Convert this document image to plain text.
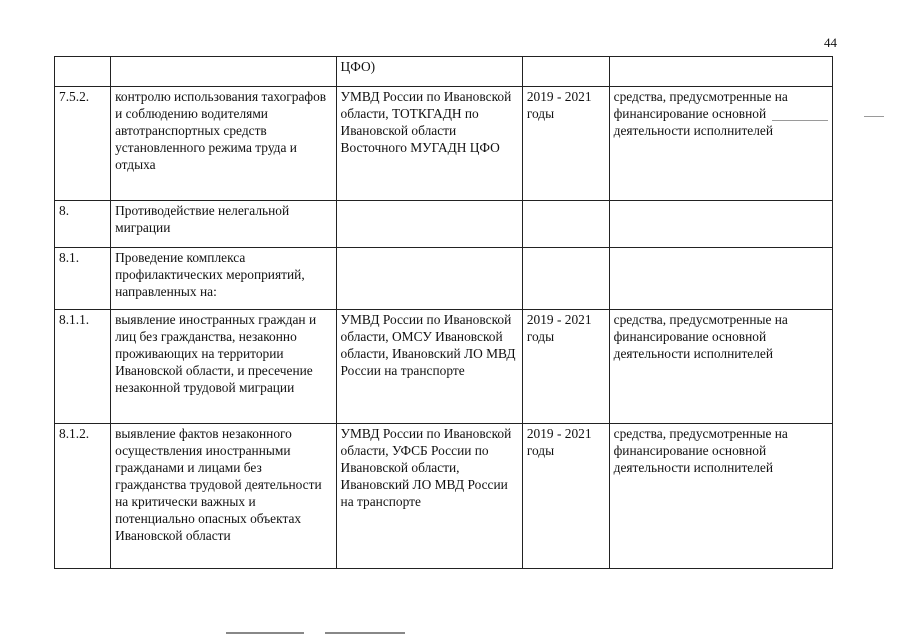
44
		ЦФО)		
7.5.2.	контролю использования тахографов и соблюдению водителями автотранспортных средств установленного режима труда и отдыха	УМВД России по Ивановской области, ТОТКГАДН по Ивановской области Восточного МУГАДН ЦФО	2019 - 2021 годы	средства, предусмотренные на финансирование основной деятельности исполнителей
8.	Противодействие нелегальной миграции			
8.1.	Проведение комплекса профилактических мероприятий, направленных на:			
8.1.1.	выявление иностранных граждан и лиц без гражданства, незаконно проживающих на территории Ивановской области, и пресечение незаконной трудовой миграции	УМВД России по Ивановской области, ОМСУ Ивановской области, Ивановский ЛО МВД России на транспорте	2019 - 2021 годы	средства, предусмотренные на финансирование основной деятельности исполнителей
8.1.2.	выявление фактов незаконного осуществления иностранными гражданами и лицами без гражданства трудовой деятельности на критически важных и потенциально опасных объектах Ивановской области	УМВД России по Ивановской области, УФСБ России по Ивановской области, Ивановский ЛО МВД России на транспорте	2019 - 2021 годы	средства, предусмотренные на финансирование основной деятельности исполнителей
